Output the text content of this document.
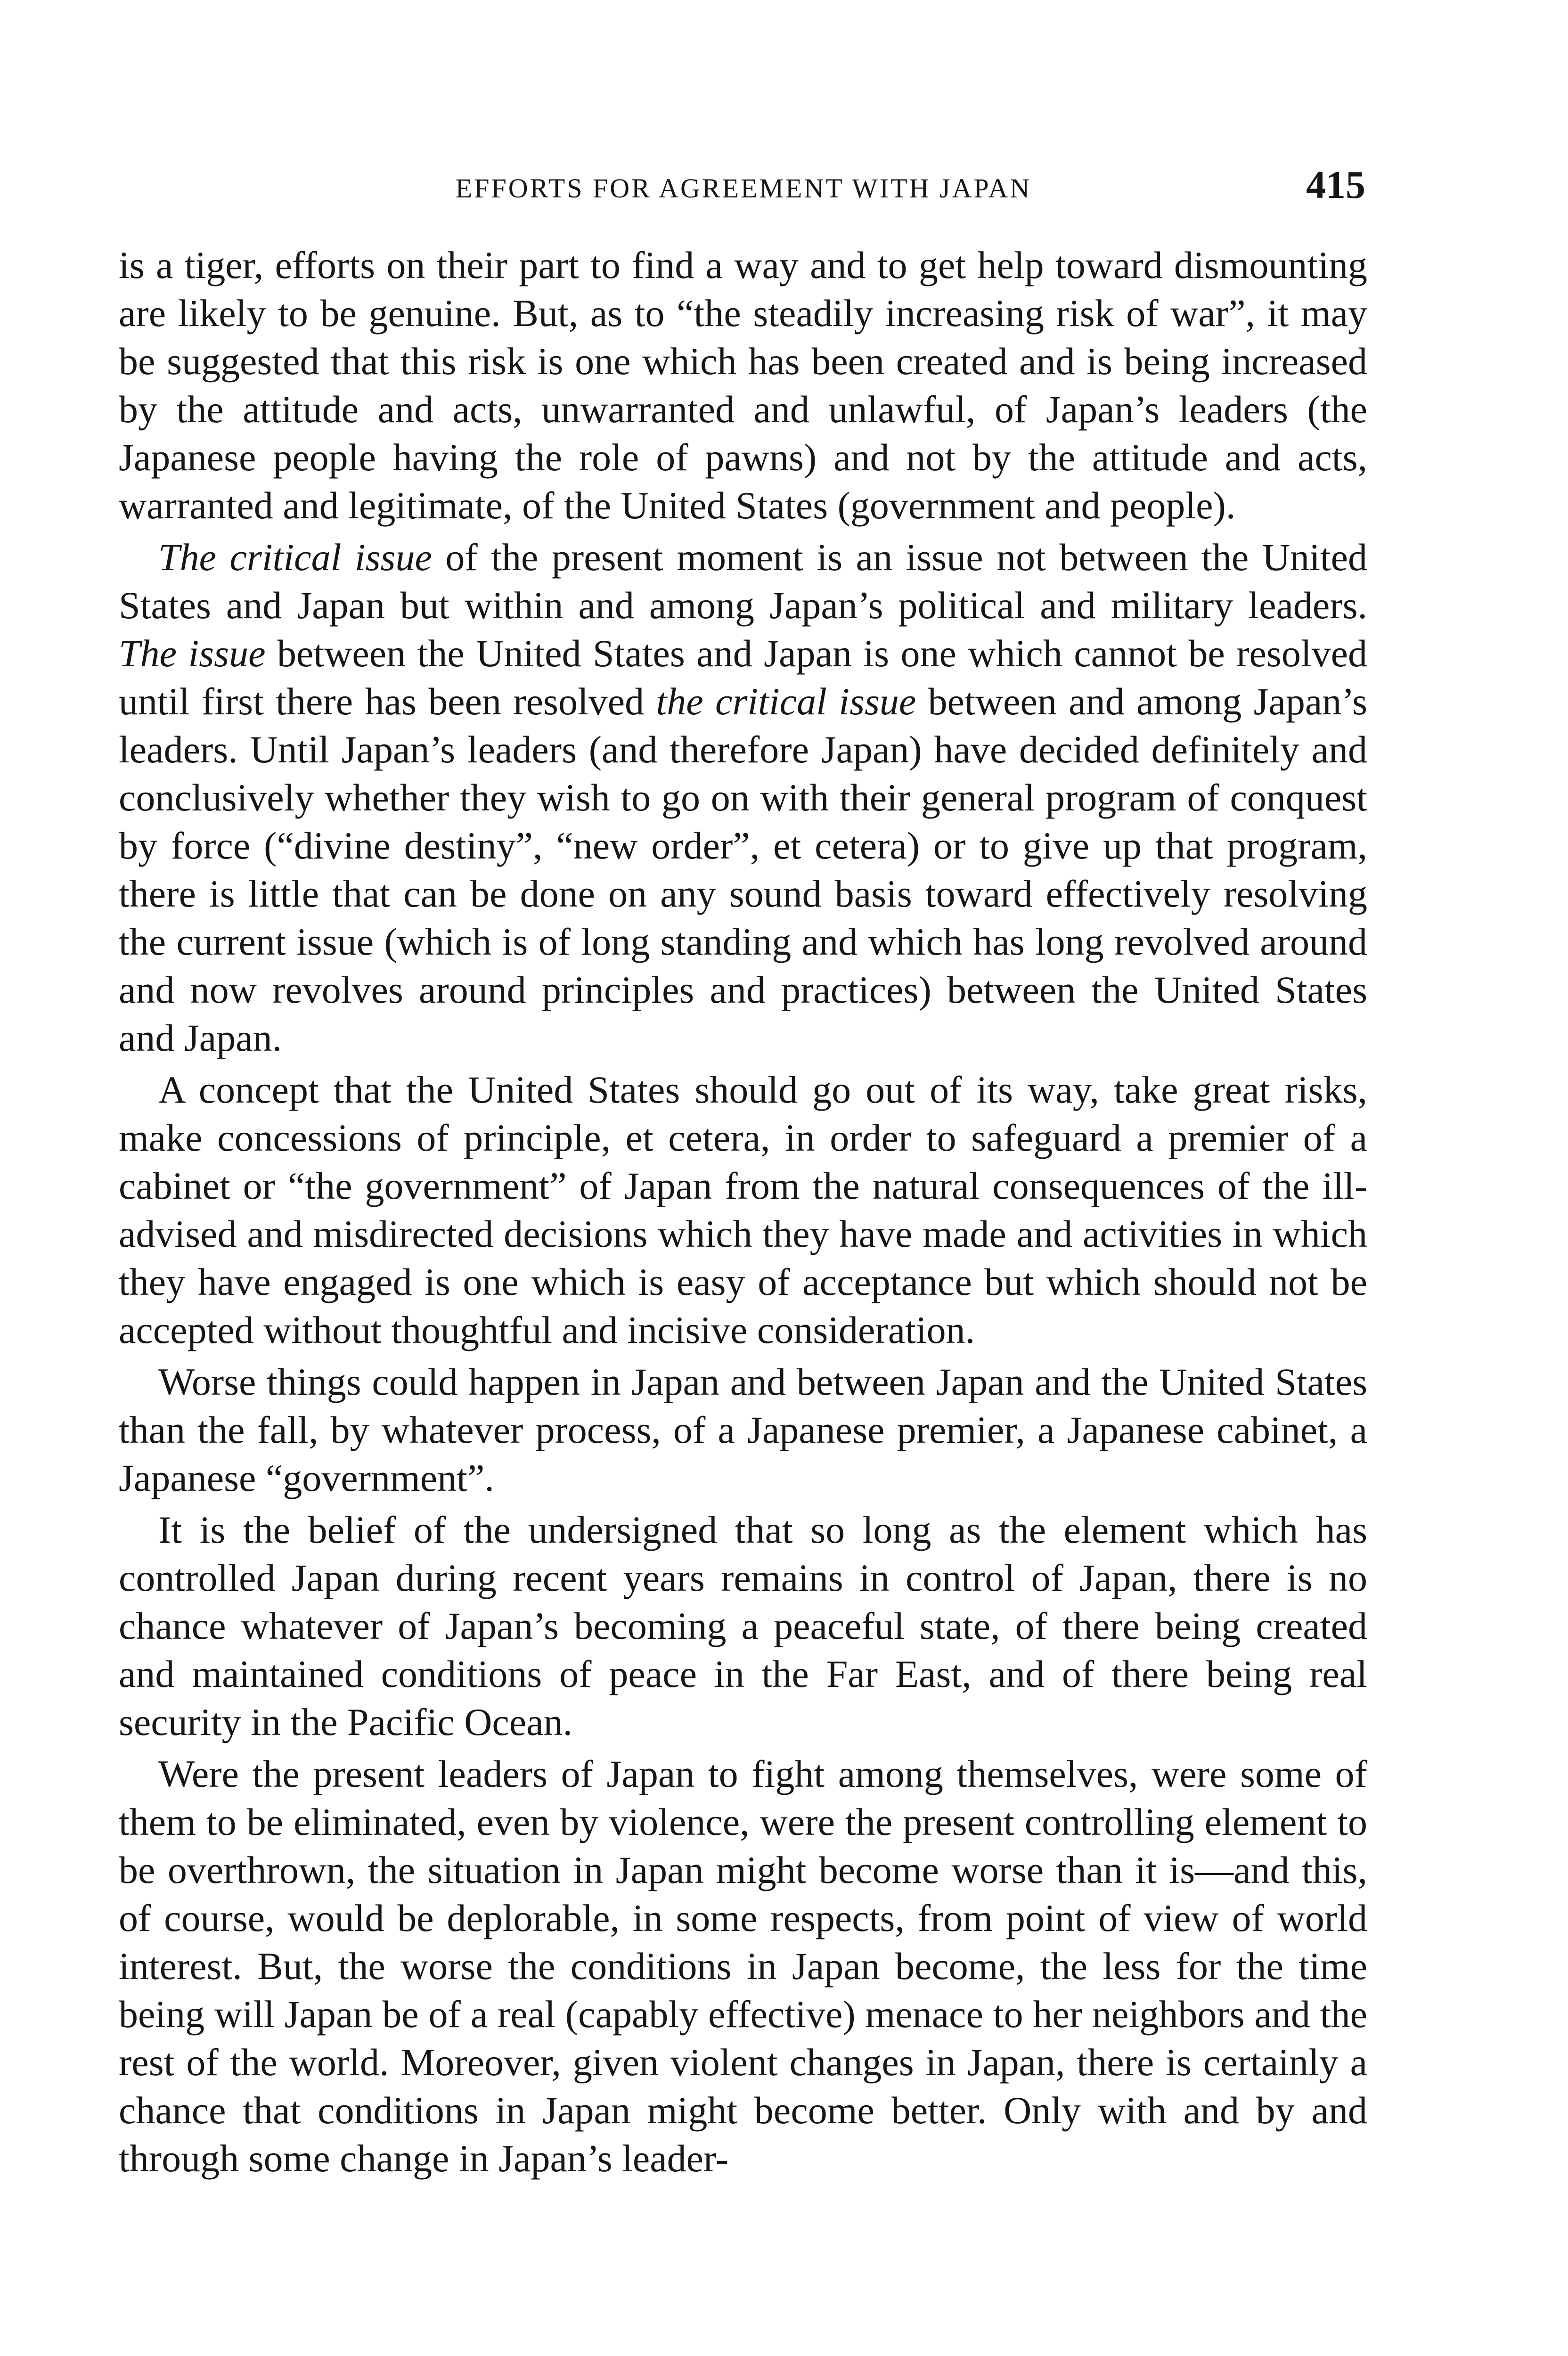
EFFORTS FOR AGREEMENT WITH JAPAN	415

is a tiger, efforts on their part to find a way and to get help toward dismounting are likely to be genuine. But, as to “the steadily increasing risk of war”, it may be suggested that this risk is one which has been created and is being increased by the attitude and acts, unwarranted and unlawful, of Japan’s leaders (the Japanese people having the role of pawns) and not by the attitude and acts, warranted and legitimate, of the United States (government and people).

The critical issue of the present moment is an issue not between the United States and Japan but within and among Japan’s political and military leaders. The issue between the United States and Japan is one which cannot be resolved until first there has been resolved the critical issue between and among Japan’s leaders. Until Japan’s leaders (and therefore Japan) have decided definitely and conclusively whether they wish to go on with their general program of conquest by force (“divine destiny”, “new order”, et cetera) or to give up that program, there is little that can be done on any sound basis toward effectively resolving the current issue (which is of long standing and which has long revolved around and now revolves around principles and practices) between the United States and Japan.

A concept that the United States should go out of its way, take great risks, make concessions of principle, et cetera, in order to safeguard a premier of a cabinet or “the government” of Japan from the natural consequences of the ill-advised and misdirected decisions which they have made and activities in which they have engaged is one which is easy of acceptance but which should not be accepted without thoughtful and incisive consideration.

Worse things could happen in Japan and between Japan and the United States than the fall, by whatever process, of a Japanese premier, a Japanese cabinet, a Japanese “government”.

It is the belief of the undersigned that so long as the element which has controlled Japan during recent years remains in control of Japan, there is no chance whatever of Japan’s becoming a peaceful state, of there being created and maintained conditions of peace in the Far East, and of there being real security in the Pacific Ocean.

Were the present leaders of Japan to fight among themselves, were some of them to be eliminated, even by violence, were the present controlling element to be overthrown, the situation in Japan might become worse than it is—and this, of course, would be deplorable, in some respects, from point of view of world interest. But, the worse the conditions in Japan become, the less for the time being will Japan be of a real (capably effective) menace to her neighbors and the rest of the world. Moreover, given violent changes in Japan, there is certainly a chance that conditions in Japan might become better. Only with and by and through some change in Japan’s leader-
